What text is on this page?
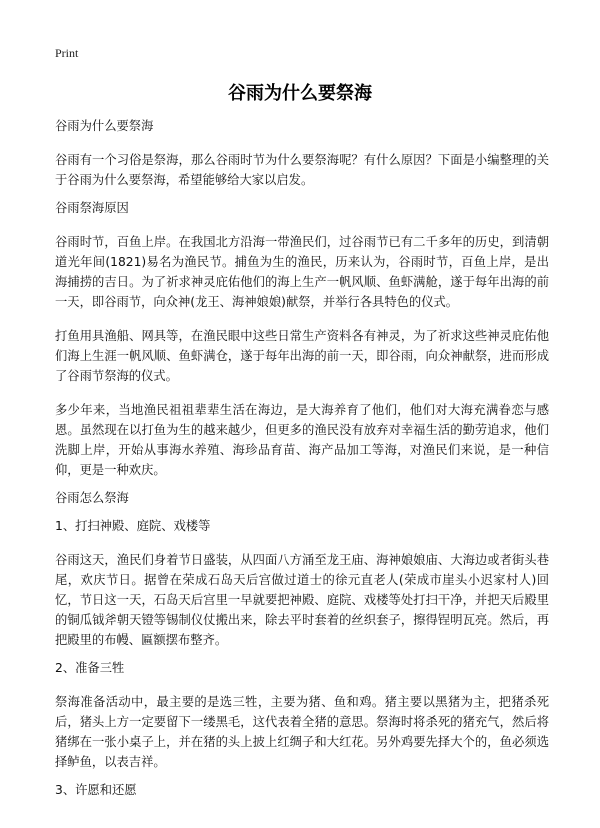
Print
谷雨为什么要祭海

谷雨为什么要祭海

谷雨有一个习俗是祭海，那么谷雨时节为什么要祭海呢？有什么原因？下面是小编整理的关于谷雨为什么要祭海，希望能够给大家以启发。

谷雨祭海原因

谷雨时节，百鱼上岸。在我国北方沿海一带渔民们，过谷雨节已有二千多年的历史，到清朝道光年间(1821)易名为渔民节。捕鱼为生的渔民，历来认为，谷雨时节，百鱼上岸，是出海捕捞的吉日。为了祈求神灵庇佑他们的海上生产一帆风顺、鱼虾满舱，遂于每年出海的前一天，即谷雨节，向众神(龙王、海神娘娘)献祭，并举行各具特色的仪式。

打鱼用具渔船、网具等，在渔民眼中这些日常生产资料各有神灵，为了祈求这些神灵庇佑他们海上生涯一帆风顺、鱼虾满仓，遂于每年出海的前一天，即谷雨，向众神献祭，进而形成了谷雨节祭海的仪式。

多少年来，当地渔民祖祖辈辈生活在海边，是大海养育了他们，他们对大海充满眷恋与感恩。虽然现在以打鱼为生的越来越少，但更多的渔民没有放弃对幸福生活的勤劳追求，他们洗脚上岸，开始从事海水养殖、海珍品育苗、海产品加工等海，对渔民们来说，是一种信仰，更是一种欢庆。

谷雨怎么祭海

1、打扫神殿、庭院、戏楼等

谷雨这天，渔民们身着节日盛装，从四面八方涌至龙王庙、海神娘娘庙、大海边或者街头巷尾，欢庆节日。据曾在荣成石岛天后宫做过道士的徐元直老人(荣成市崖头小迟家村人)回忆，节日这一天，石岛天后宫里一早就要把神殿、庭院、戏楼等处打扫干净，并把天后殿里的铜瓜钺斧朝天镫等锡制仪仗搬出来，除去平时套着的丝织套子，擦得锃明瓦亮。然后，再把殿里的布幔、匾额摆布整齐。

2、准备三牲

祭海准备活动中，最主要的是选三牲，主要为猪、鱼和鸡。猪主要以黑猪为主，把猪杀死后，猪头上方一定要留下一缕黑毛，这代表着全猪的意思。祭海时将杀死的猪充气，然后将猪绑在一张小桌子上，并在猪的头上披上红绸子和大红花。另外鸡要先择大个的，鱼必须选择鲈鱼，以表吉祥。

3、许愿和还愿
